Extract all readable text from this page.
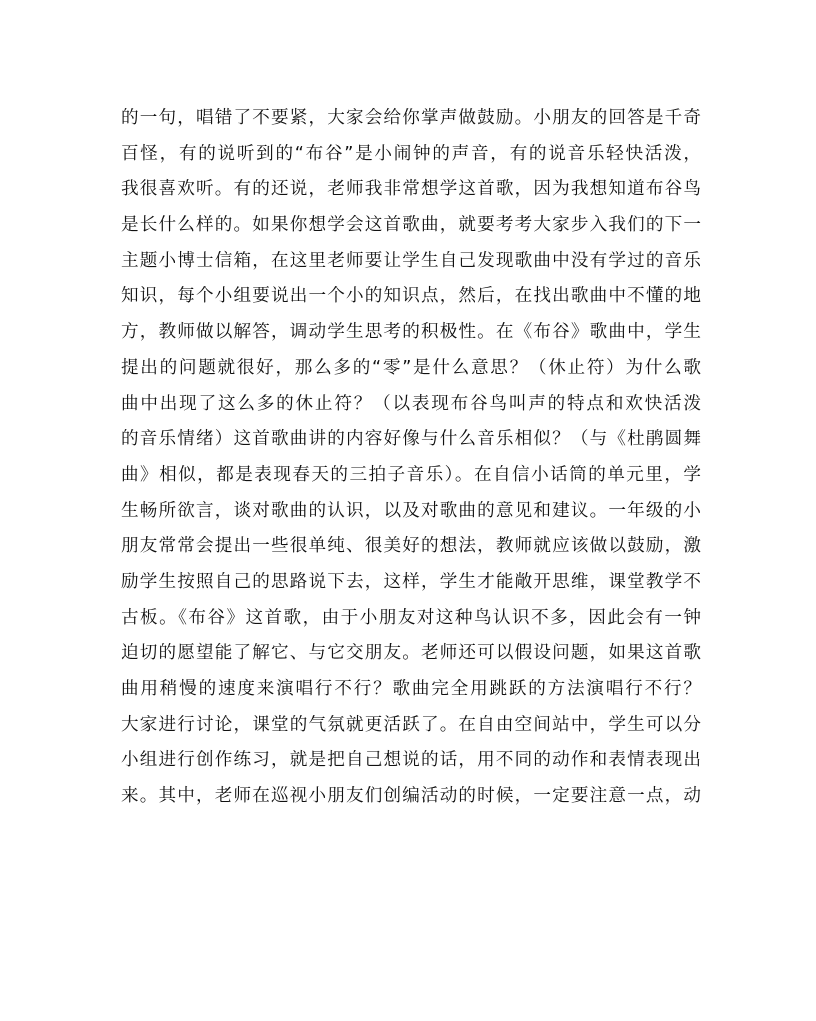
的一句，唱错了不要紧，大家会给你掌声做鼓励。小朋友的回答是千奇
百怪，有的说听到的“布谷”是小闹钟的声音，有的说音乐轻快活泼，
我很喜欢听。有的还说，老师我非常想学这首歌，因为我想知道布谷鸟
是长什么样的。如果你想学会这首歌曲，就要考考大家步入我们的下一
主题小博士信箱，在这里老师要让学生自己发现歌曲中没有学过的音乐
知识，每个小组要说出一个小的知识点，然后，在找出歌曲中不懂的地
方，教师做以解答，调动学生思考的积极性。在《布谷》歌曲中，学生
提出的问题就很好，那么多的“零”是什么意思？（休止符）为什么歌
曲中出现了这么多的休止符？（以表现布谷鸟叫声的特点和欢快活泼
的音乐情绪）这首歌曲讲的内容好像与什么音乐相似？（与《杜鹃圆舞
曲》相似，都是表现春天的三拍子音乐）。在自信小话筒的单元里，学
生畅所欲言，谈对歌曲的认识，以及对歌曲的意见和建议。一年级的小
朋友常常会提出一些很单纯、很美好的想法，教师就应该做以鼓励，激
励学生按照自己的思路说下去，这样，学生才能敞开思维，课堂教学不
古板。《布谷》这首歌，由于小朋友对这种鸟认识不多，因此会有一钟
迫切的愿望能了解它、与它交朋友。老师还可以假设问题，如果这首歌
曲用稍慢的速度来演唱行不行？歌曲完全用跳跃的方法演唱行不行？
大家进行讨论，课堂的气氛就更活跃了。在自由空间站中，学生可以分
小组进行创作练习，就是把自己想说的话，用不同的动作和表情表现出
来。其中，老师在巡视小朋友们创编活动的时候，一定要注意一点，动
